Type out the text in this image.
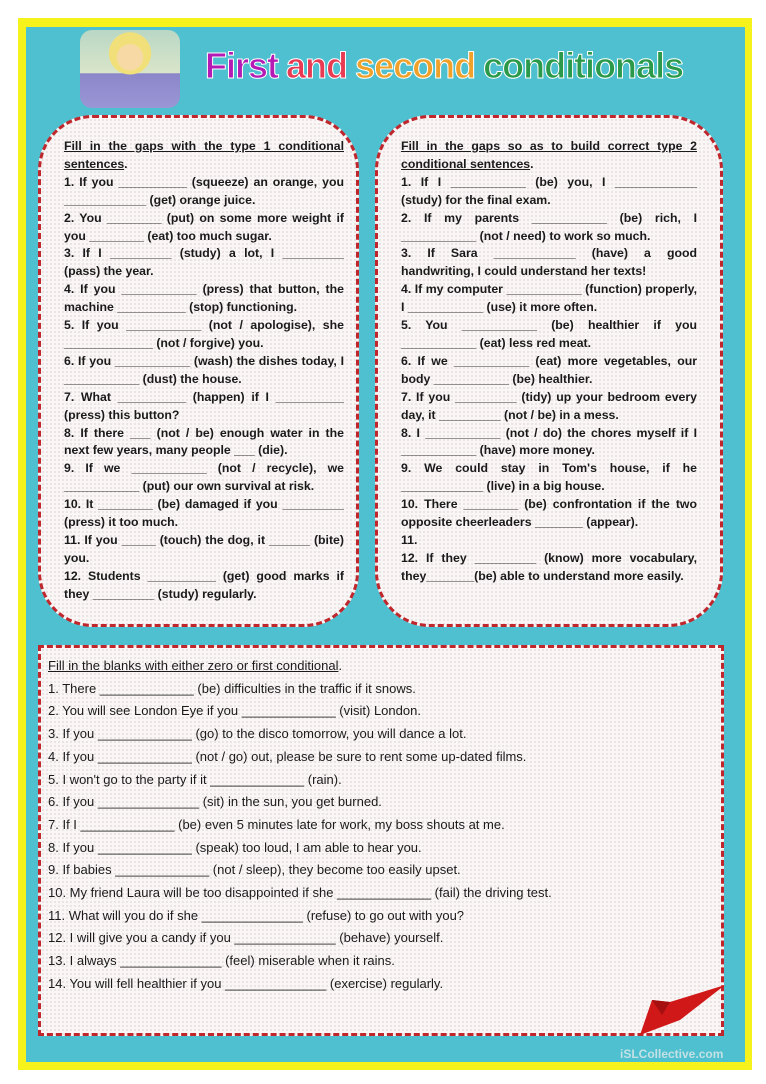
First and second conditionals
Fill in the gaps with the type 1 conditional sentences.
1. If you __________ (squeeze) an orange, you ____________ (get) orange juice.
2. You ________ (put) on some more weight if you ________ (eat) too much sugar.
3. If I _________ (study) a lot, I _________ (pass) the year.
4. If you ___________ (press) that button, the machine __________ (stop) functioning.
5. If you ___________ (not / apologise), she _____________ (not / forgive) you.
6. If you ___________ (wash) the dishes today, I ___________ (dust) the house.
7. What __________ (happen) if I __________ (press) this button?
8. If there ___ (not / be) enough water in the next few years, many people ___ (die).
9. If we ___________ (not / recycle), we ___________ (put) our own survival at risk.
10. It ________ (be) damaged if you _________ (press) it too much.
11. If you _____ (touch) the dog, it ______ (bite) you.
12. Students __________ (get) good marks if they _________ (study) regularly.
Fill in the gaps so as to build correct type 2 conditional sentences.
1. If I ___________ (be) you, I ____________ (study) for the final exam.
2. If my parents ___________ (be) rich, I ___________ (not / need) to work so much.
3. If Sara ____________ (have) a good handwriting, I could understand her texts!
4. If my computer ___________ (function) properly, I ___________ (use) it more often.
5. You ___________ (be) healthier if you ___________ (eat) less red meat.
6. If we ___________ (eat) more vegetables, our body ___________ (be) healthier.
7. If you _________ (tidy) up your bedroom every day, it _________ (not / be) in a mess.
8. I ___________ (not / do) the chores myself if I ___________ (have) more money.
9. We could stay in Tom's house, if he ____________ (live) in a big house.
10. There ________ (be) confrontation if the two opposite cheerleaders _______ (appear).
11.
12. If they _________ (know) more vocabulary, they_______(be) able to understand more easily.
Fill in the blanks with either zero or first conditional.
1. There _____________ (be) difficulties in the traffic if it snows.
2. You will see London Eye if you _____________ (visit) London.
3. If you _____________ (go) to the disco tomorrow, you will dance a lot.
4. If you _____________ (not / go) out, please be sure to rent some up-dated films.
5. I won't go to the party if it _____________ (rain).
6. If you ______________ (sit) in the sun, you get burned.
7. If I _____________ (be) even 5 minutes late for work, my boss shouts at me.
8. If you _____________ (speak) too loud, I am able to hear you.
9. If babies _____________ (not / sleep), they become too easily upset.
10. My friend Laura will be too disappointed if she _____________ (fail) the driving test.
11. What will you do if she ______________ (refuse) to go out with you?
12. I will give you a candy if you ______________ (behave) yourself.
13. I always ______________ (feel) miserable when it rains.
14. You will fell healthier if you ______________ (exercise) regularly.
iSLCollective.com
